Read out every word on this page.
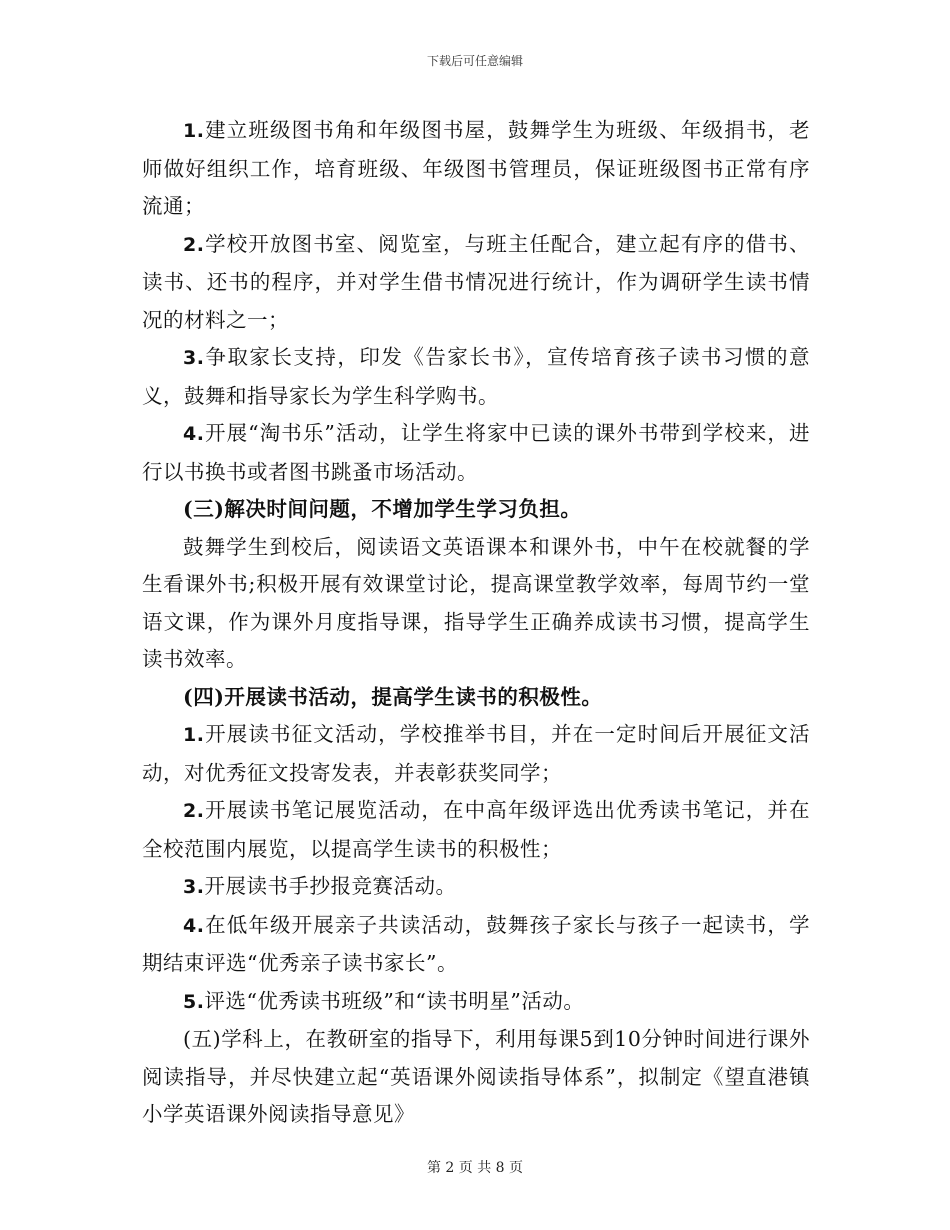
下载后可任意编辑

1.建立班级图书角和年级图书屋，鼓舞学生为班级、年级捐书，老师做好组织工作，培育班级、年级图书管理员，保证班级图书正常有序流通；

2.学校开放图书室、阅览室，与班主任配合，建立起有序的借书、读书、还书的程序，并对学生借书情况进行统计，作为调研学生读书情况的材料之一；

3.争取家长支持，印发《告家长书》，宣传培育孩子读书习惯的意义，鼓舞和指导家长为学生科学购书。

4.开展“淘书乐”活动，让学生将家中已读的课外书带到学校来，进行以书换书或者图书跳蚤市场活动。

(三)解决时间问题，不增加学生学习负担。

鼓舞学生到校后，阅读语文英语课本和课外书，中午在校就餐的学生看课外书;积极开展有效课堂讨论，提高课堂教学效率，每周节约一堂语文课，作为课外月度指导课，指导学生正确养成读书习惯，提高学生读书效率。

(四)开展读书活动，提高学生读书的积极性。

1.开展读书征文活动，学校推举书目，并在一定时间后开展征文活动，对优秀征文投寄发表，并表彰获奖同学；

2.开展读书笔记展览活动，在中高年级评选出优秀读书笔记，并在全校范围内展览，以提高学生读书的积极性；

3.开展读书手抄报竞赛活动。

4.在低年级开展亲子共读活动，鼓舞孩子家长与孩子一起读书，学期结束评选“优秀亲子读书家长”。

5.评选“优秀读书班级”和“读书明星”活动。

(五)学科上，在教研室的指导下，利用每课5到10分钟时间进行课外阅读指导，并尽快建立起“英语课外阅读指导体系”，拟制定《望直港镇小学英语课外阅读指导意见》

第 2 页 共 8 页
